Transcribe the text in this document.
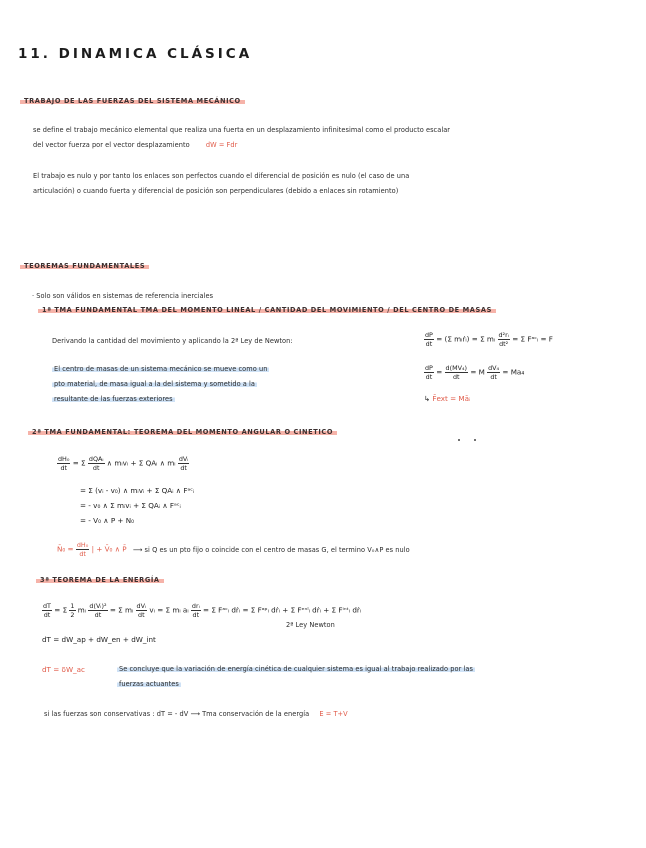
11. DINAMICA CLÁSICA
TRABAJO DE LAS FUERZAS DEL SISTEMA MECÁNICO
se define el trabajo mecánico elemental que realiza una fuerta en un desplazamiento infinitesimal como el producto escalar
del vector fuerza por el vector desplazamiento dW = Fdr
El trabajo es nulo y por tanto los enlaces son perfectos cuando el diferencial de posición es nulo (el caso de una
articulación) o cuando fuerta y diferencial de posición son perpendiculares (debido a enlaces sin rotamiento)
TEOREMAS FUNDAMENTALES
· Solo son válidos en sistemas de referencia inerciales
1ª TMA FUNDAMENTAL TMA DEL MOMENTO LINEAL / CANTIDAD DEL MOVIMIENTO / DEL CENTRO DE MASAS
Derivando la cantidad del movimiento y aplicando la 2ª Ley de Newton:	$\frac{dP}{dt} = (\Sigma$ mᵢṙᵢ) = Σ mᵢ $\frac{\text{d²rᵢ}}{\text{dt²}} = \Sigma$ Fᵃᶜᵢ = F
El centro de masas de un sistema mecánico se mueve como un
pto material, de masa igual a la del sistema y sometido a la
resultante de las fuerzas exteriores
$\frac{dP}{dt} = \frac{\text{d(MV₄)}}{dt} = M \frac{\text{dV₄}}{dt} = Ma_4$
↳ F̄ext = Māᵢ
2ª TMA FUNDAMENTAL: TEOREMA DEL MOMENTO ANGULAR O CINETICO
$\frac{\text{dH₀}}{dt} = \Sigma \frac{\text{dQAᵢ}}{dt}$ ∧ mᵢvᵢ + Σ QAᵢ ∧ mᵢ $\frac{\text{dVᵢ}}{dt}$
= Σ (vᵢ - v₀) ∧ mᵢvᵢ + Σ QAᵢ ∧ Fᵃᶜᵢ
= - v₀ ∧ Σ mᵢvᵢ + Σ QAᵢ ∧ Fᵃᶜᵢ
= - V₀ ∧ P + N₀
N̄₀ = $\frac{\text{dH₀}}{dt}$ | + V̄₀ ∧ P̄ ⟶ si Q es un pto fijo o coincide con el centro de masas G, el termino V₀∧P es nulo
3ª TEOREMA DE LA ENERGÍA
$\frac{dT}{dt} = \Sigma \frac{1}{2}$ mᵢ $\frac{\text{d(Vᵢ)²}}{dt} = \Sigma$ mᵢ $\frac{\text{dVᵢ}}{dt}$ vᵢ = Σ mᵢ aᵢ $\frac{\text{drᵢ}}{dt} = \Sigma$ Fᵃᶜᵢ dṙᵢ = Σ Fᵃᵖᵢ dṙᵢ + Σ Fᵉⁿˡᵢ dṙᵢ + Σ Fⁱⁿᵗᵢ dṙᵢ
2ª Ley Newton
dT = dW_ap + dW_en + dW_int
dT = δW_ac	Se concluye que la variación de energía cinética de cualquier sistema es igual al trabajo realizado por las
fuerzas actuantes
si las fuerzas son conservativas : dT = - dV ⟶ Tma conservación de la energía E = T+V
